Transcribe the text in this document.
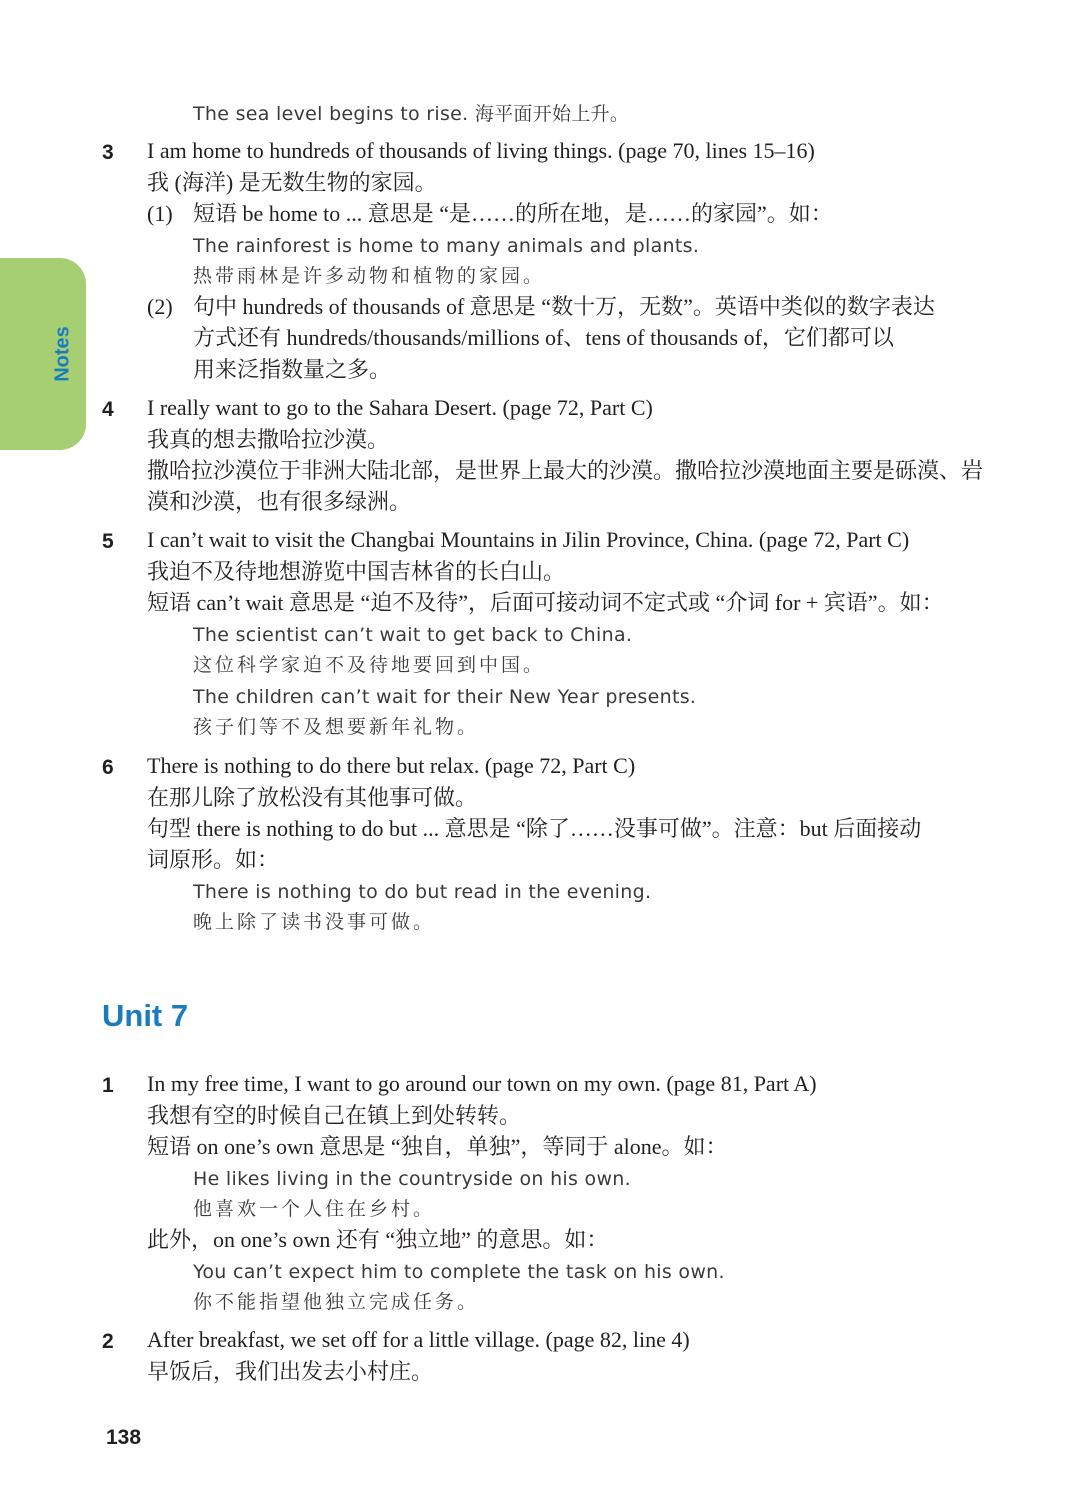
Notes
The sea level begins to rise. 海平面开始上升。
3	I am home to hundreds of thousands of living things. (page 70, lines 15–16)
我 (海洋) 是无数生物的家园。
(1) 短语 be home to ... 意思是 “是……的所在地，是……的家园”。如：
The rainforest is home to many animals and plants.
热带雨林是许多动物和植物的家园。
(2) 句中 hundreds of thousands of 意思是 “数十万，无数”。英语中类似的数字表达
方式还有 hundreds/thousands/millions of、tens of thousands of，它们都可以
用来泛指数量之多。
4	I really want to go to the Sahara Desert. (page 72, Part C)
我真的想去撒哈拉沙漠。
撒哈拉沙漠位于非洲大陆北部，是世界上最大的沙漠。撒哈拉沙漠地面主要是砾漠、岩
漠和沙漠，也有很多绿洲。
5	I can’t wait to visit the Changbai Mountains in Jilin Province, China. (page 72, Part C)
我迫不及待地想游览中国吉林省的长白山。
短语 can’t wait 意思是 “迫不及待”，后面可接动词不定式或 “介词 for + 宾语”。如：
The scientist can’t wait to get back to China.
这位科学家迫不及待地要回到中国。
The children can’t wait for their New Year presents.
孩子们等不及想要新年礼物。
6	There is nothing to do there but relax. (page 72, Part C)
在那儿除了放松没有其他事可做。
句型 there is nothing to do but ... 意思是 “除了……没事可做”。注意：but 后面接动
词原形。如：
There is nothing to do but read in the evening.
晚上除了读书没事可做。
Unit 7
1	In my free time, I want to go around our town on my own. (page 81, Part A)
我想有空的时候自己在镇上到处转转。
短语 on one’s own 意思是 “独自，单独”，等同于 alone。如：
He likes living in the countryside on his own.
他喜欢一个人住在乡村。
此外，on one’s own 还有 “独立地” 的意思。如：
You can’t expect him to complete the task on his own.
你不能指望他独立完成任务。
2	After breakfast, we set off for a little village. (page 82, line 4)
早饭后，我们出发去小村庄。
138
